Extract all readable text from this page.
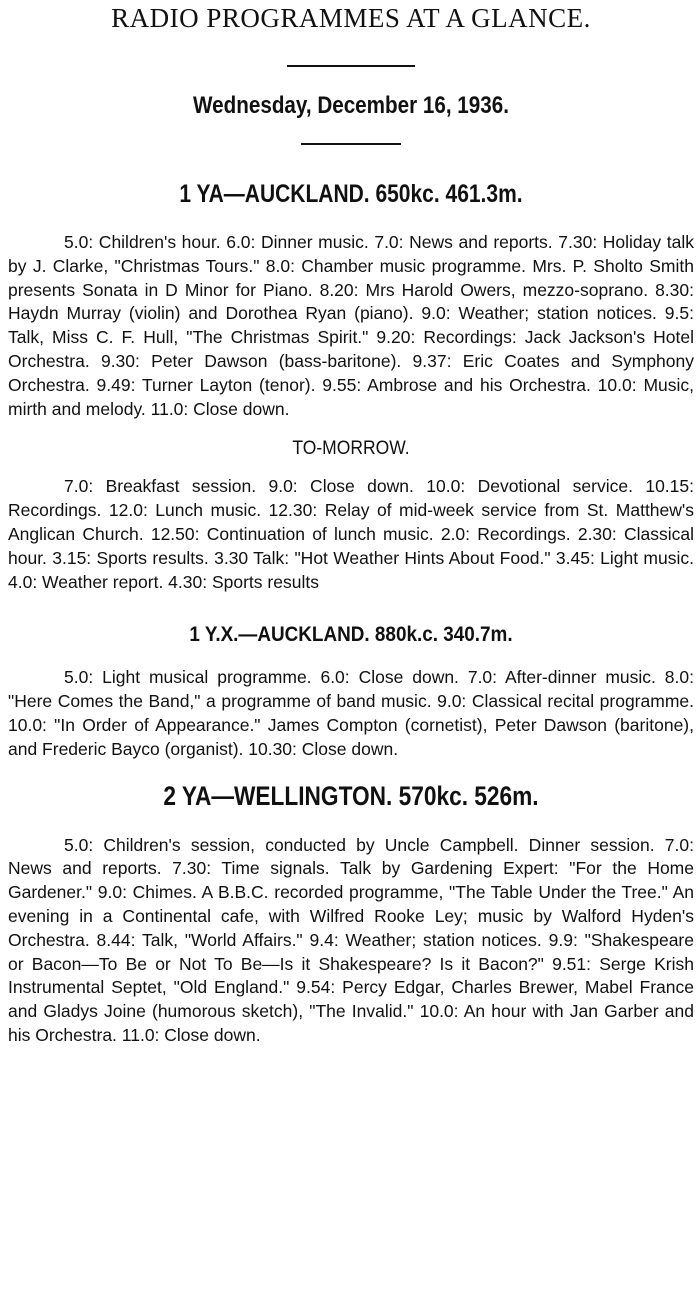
RADIO PROGRAMMES AT A GLANCE.
Wednesday, December 16, 1936.
1 YA—AUCKLAND. 650kc. 461.3m.

5.0: Children's hour. 6.0: Dinner music. 7.0: News and reports. 7.30: Holiday talk by J. Clarke, "Christmas Tours." 8.0: Chamber music programme. Mrs. P. Sholto Smith presents Sonata in D Minor for Piano. 8.20: Mrs Harold Owers, mezzo-soprano. 8.30: Haydn Murray (violin) and Dorothea Ryan (piano). 9.0: Weather; station notices. 9.5: Talk, Miss C. F. Hull, "The Christmas Spirit." 9.20: Recordings: Jack Jackson's Hotel Orchestra. 9.30: Peter Dawson (bass-baritone). 9.37: Eric Coates and Symphony Orchestra. 9.49: Turner Layton (tenor). 9.55: Ambrose and his Orchestra. 10.0: Music, mirth and melody. 11.0: Close down.

TO-MORROW.

7.0: Breakfast session. 9.0: Close down. 10.0: Devotional service. 10.15: Recordings. 12.0: Lunch music. 12.30: Relay of mid-week service from St. Matthew's Anglican Church. 12.50: Continuation of lunch music. 2.0: Recordings. 2.30: Classical hour. 3.15: Sports results. 3.30 Talk: "Hot Weather Hints About Food." 3.45: Light music. 4.0: Weather report. 4.30: Sports results

1 Y.X.—AUCKLAND. 880k.c. 340.7m.

5.0: Light musical programme. 6.0: Close down. 7.0: After-dinner music. 8.0: "Here Comes the Band," a programme of band music. 9.0: Classical recital programme. 10.0: "In Order of Appearance." James Compton (cornetist), Peter Dawson (baritone), and Frederic Bayco (organist). 10.30: Close down.

2 YA—WELLINGTON. 570kc. 526m.

5.0: Children's session, conducted by Uncle Campbell. Dinner session. 7.0: News and reports. 7.30: Time signals. Talk by Gardening Expert: "For the Home Gardener." 9.0: Chimes. A B.B.C. recorded programme, "The Table Under the Tree." An evening in a Continental cafe, with Wilfred Rooke Ley; music by Walford Hyden's Orchestra. 8.44: Talk, "World Affairs." 9.4: Weather; station notices. 9.9: "Shakespeare or Bacon—To Be or Not To Be—Is it Shakespeare? Is it Bacon?" 9.51: Serge Krish Instrumental Septet, "Old England." 9.54: Percy Edgar, Charles Brewer, Mabel France and Gladys Joine (humorous sketch), "The Invalid." 10.0: An hour with Jan Garber and his Orchestra. 11.0: Close down.
